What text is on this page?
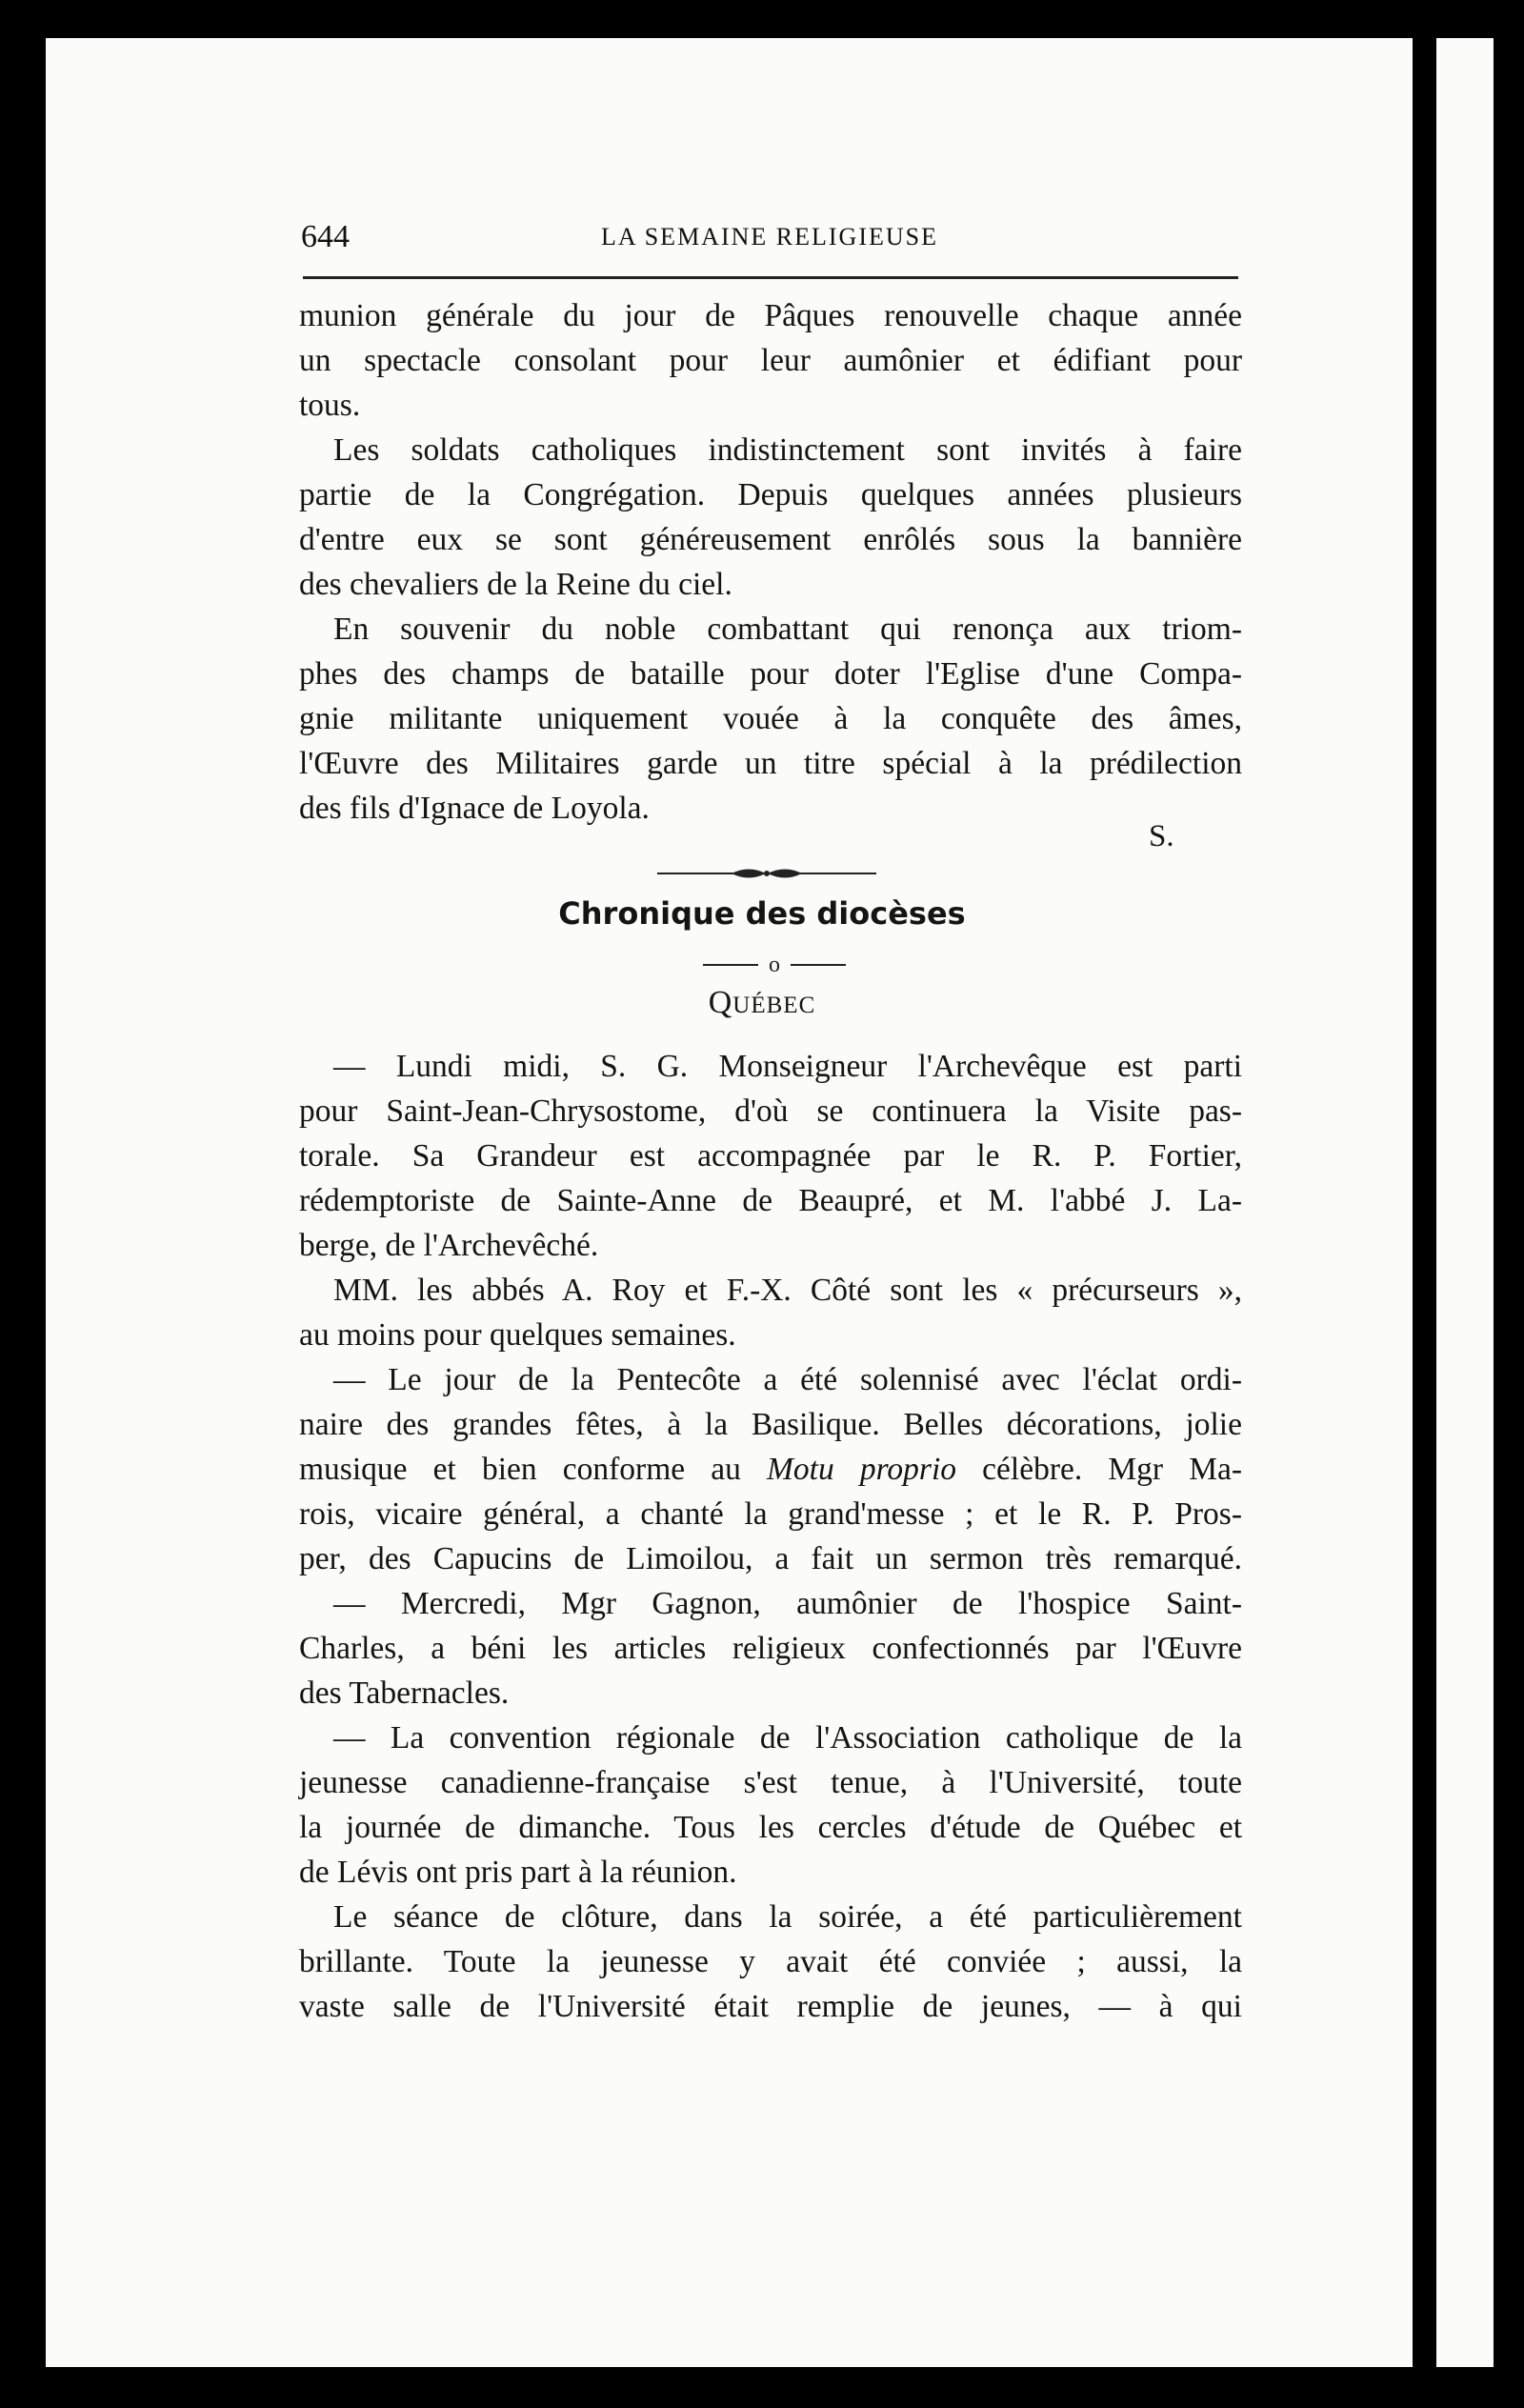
644	LA SEMAINE RELIGIEUSE
munion générale du jour de Pâques renouvelle chaque année
un spectacle consolant pour leur aumônier et édifiant pour
tous.
Les soldats catholiques indistinctement sont invités à faire
partie de la Congrégation. Depuis quelques années plusieurs
d'entre eux se sont généreusement enrôlés sous la bannière
des chevaliers de la Reine du ciel.
En souvenir du noble combattant qui renonça aux triom-
phes des champs de bataille pour doter l'Eglise d'une Compa-
gnie militante uniquement vouée à la conquête des âmes,
l'Œuvre des Militaires garde un titre spécial à la prédilection
des fils d'Ignace de Loyola.
S.
Chronique des diocèses
o
QUÉBEC
— Lundi midi, S. G. Monseigneur l'Archevêque est parti
pour Saint-Jean-Chrysostome, d'où se continuera la Visite pas-
torale. Sa Grandeur est accompagnée par le R. P. Fortier,
rédemptoriste de Sainte-Anne de Beaupré, et M. l'abbé J. La-
berge, de l'Archevêché.
MM. les abbés A. Roy et F.-X. Côté sont les « précurseurs »,
au moins pour quelques semaines.
— Le jour de la Pentecôte a été solennisé avec l'éclat ordi-
naire des grandes fêtes, à la Basilique. Belles décorations, jolie
musique et bien conforme au Motu proprio célèbre. Mgr Ma-
rois, vicaire général, a chanté la grand'messe ; et le R. P. Pros-
per, des Capucins de Limoilou, a fait un sermon très remarqué.
— Mercredi, Mgr Gagnon, aumônier de l'hospice Saint-
Charles, a béni les articles religieux confectionnés par l'Œuvre
des Tabernacles.
— La convention régionale de l'Association catholique de la
jeunesse canadienne-française s'est tenue, à l'Université, toute
la journée de dimanche. Tous les cercles d'étude de Québec et
de Lévis ont pris part à la réunion.
Le séance de clôture, dans la soirée, a été particulièrement
brillante. Toute la jeunesse y avait été conviée ; aussi, la
vaste salle de l'Université était remplie de jeunes, — à qui
